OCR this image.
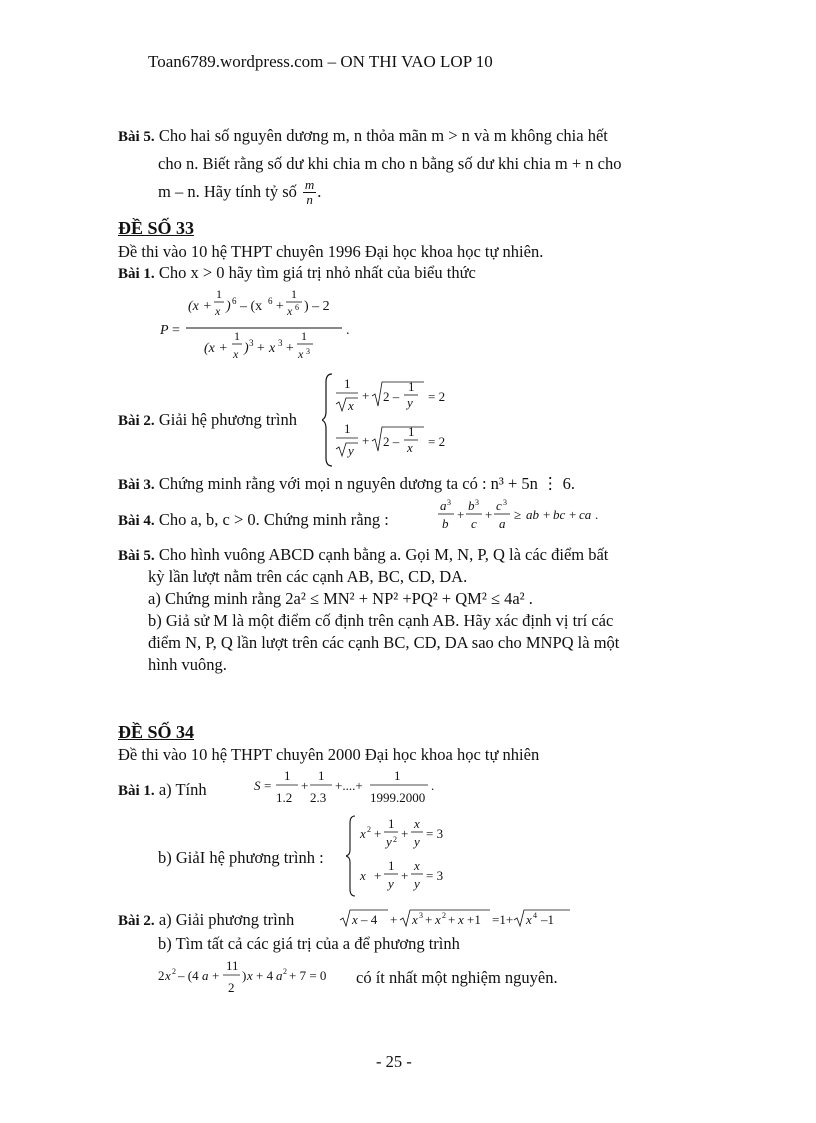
Toan6789.wordpress.com – ON THI VAO LOP 10
Bài 5. Cho hai số nguyên dương m, n thỏa mãn m > n và m không chia hết
cho n. Biết rằng số dư khi chia m cho n bằng số dư khi chia m + n cho
m – n. Hãy tính tỷ số $\frac{m}{n}$ .
ĐỀ SỐ 33
Đề thi vào 10 hệ THPT chuyên 1996 Đại học khoa học tự nhiên.
Bài 1. Cho x > 0 hãy tìm giá trị nhỏ nhất của biểu thức
P =
(x +
1
x ) 6 – (x 6 +
1
x 6 ) – 2
(x +
1
x ) 3 + x 3 +
1
x 3
.
Bài 2. Giải hệ phương trình
1
x
+ 2 –
1
y = 2
1
y
+ 2 –
1
x = 2
Bài 3. Chứng minh rằng với mọi n nguyên dương ta có : n³ + 5n ⋮ 6.
Bài 4. Cho a, b, c > 0. Chứng minh rằng :
a 3
b
+
b 3
c
+
c 3
a
≥ ab + bc + ca .
Bài 5. Cho hình vuông ABCD cạnh bằng a. Gọi M, N, P, Q là các điểm bất
kỳ lần lượt nằm trên các cạnh AB, BC, CD, DA.
a) Chứng minh rằng 2a² ≤ MN² + NP² +PQ² + QM² ≤ 4a² .
b) Giả sử M là một điểm cố định trên cạnh AB. Hãy xác định vị trí các
điểm N, P, Q lần lượt trên các cạnh BC, CD, DA sao cho MNPQ là một
hình vuông.
ĐỀ SỐ 34
Đề thi vào 10 hệ THPT chuyên 2000 Đại học khoa học tự nhiên
Bài 1. a) Tính	S =
1
1.2
+
1
2.3
+....+
1
1999.2000
.
b) GiảI hệ phương trình :
x 2 +
1
y 2 +
x
y
= 3
x +
1
y
+
x
y
= 3
Bài 2. a) Giải phương trình	x – 4 + x 3 + x 2 + x +1 =1+ x 4 –1
b) Tìm tất cả các giá trị của a để phương trình
2 x 2 – (4 a +
11
2
) x + 4 a 2 + 7 = 0 có ít nhất một nghiệm nguyên.
- 25 -
